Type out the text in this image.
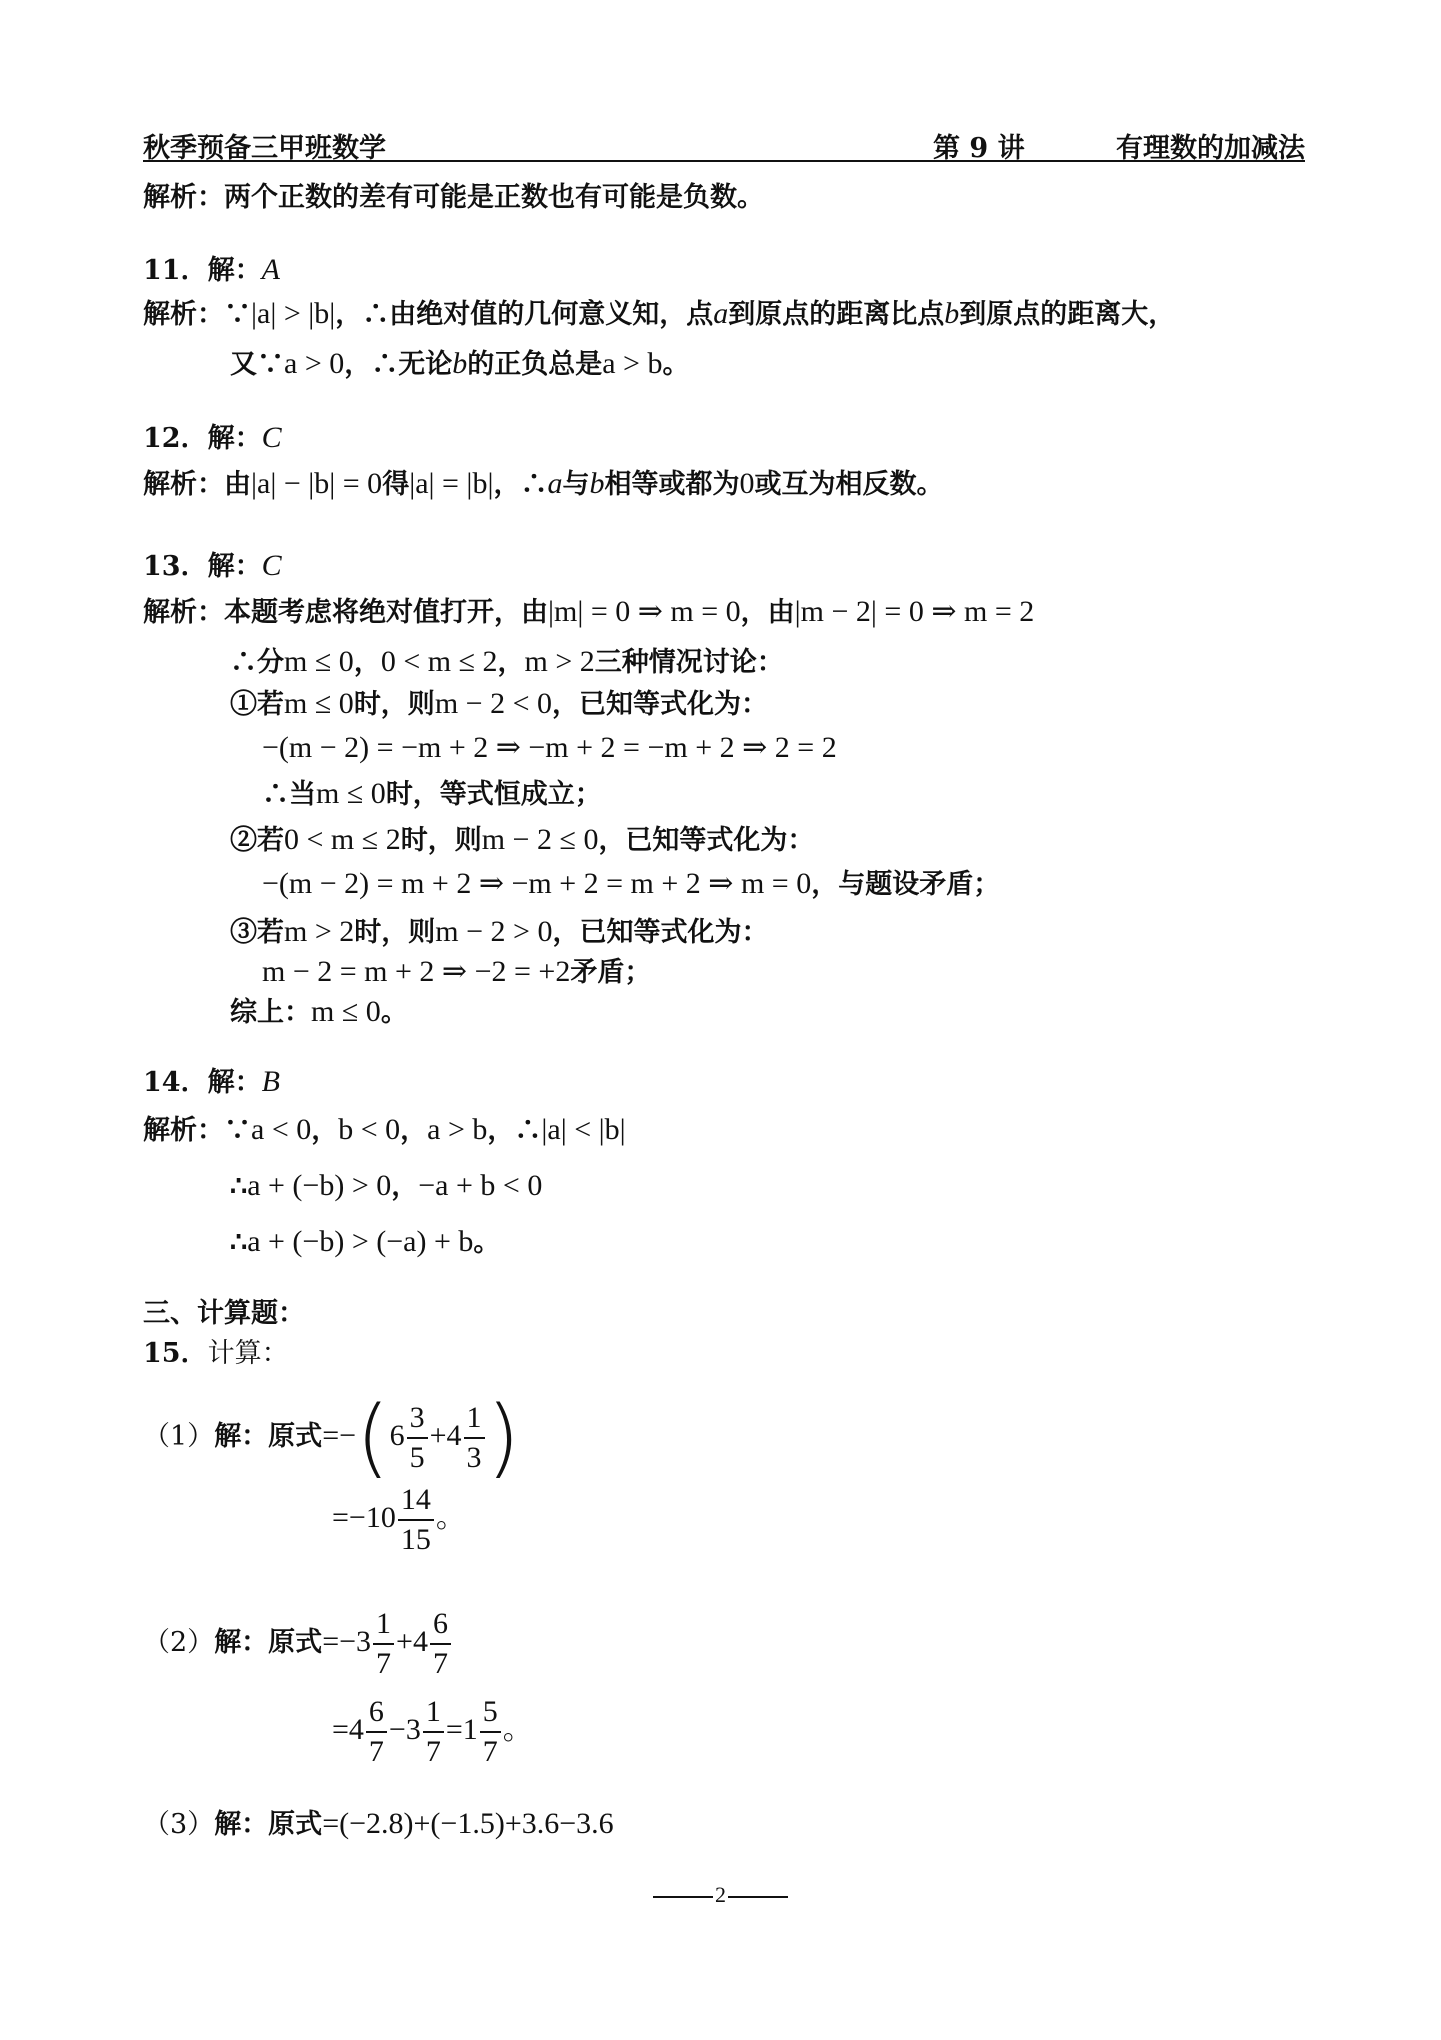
秋季预备三甲班数学	第 9 讲	有理数的加减法
解析：两个正数的差有可能是正数也有可能是负数。
11．解：A
解析：∵|a| > |b|，∴由绝对值的几何意义知，点a到原点的距离比点b到原点的距离大，
又∵a > 0，∴无论b的正负总是a > b。
12．解：C
解析：由|a| − |b| = 0得|a| = |b|，∴a与b相等或都为0或互为相反数。
13．解：C
解析：本题考虑将绝对值打开，由|m| = 0 ⇒ m = 0，由|m − 2| = 0 ⇒ m = 2
∴分m ≤ 0，0 < m ≤ 2，m > 2三种情况讨论：
①若m ≤ 0时，则m − 2 < 0，已知等式化为：
−(m − 2) = −m + 2 ⇒ −m + 2 = −m + 2 ⇒ 2 = 2
∴当m ≤ 0时，等式恒成立；
②若0 < m ≤ 2时，则m − 2 ≤ 0，已知等式化为：
−(m − 2) = m + 2 ⇒ −m + 2 = m + 2 ⇒ m = 0，与题设矛盾；
③若m > 2时，则m − 2 > 0，已知等式化为：
m − 2 = m + 2 ⇒ −2 = +2矛盾；
综上：m ≤ 0。
14．解：B
解析：∵a < 0，b < 0，a > b，∴|a| < |b|
∴a + (−b) > 0，−a + b < 0
∴a + (−b) > (−a) + b。
三、计算题：
15．计算：
（1）解：原式$=-(6 \frac{3}{5} +4 \frac{1}{3}$ )
$=-10 \frac{14}{15}$ 。
（2）解：原式$=-3 \frac{1}{7} +4 \frac{6}{7}$
$=4 \frac{6}{7} -3 \frac{1}{7} =1 \frac{5}{7}$ 。
（3）解：原式=(−2.8)+(−1.5)+3.6−3.6
2
